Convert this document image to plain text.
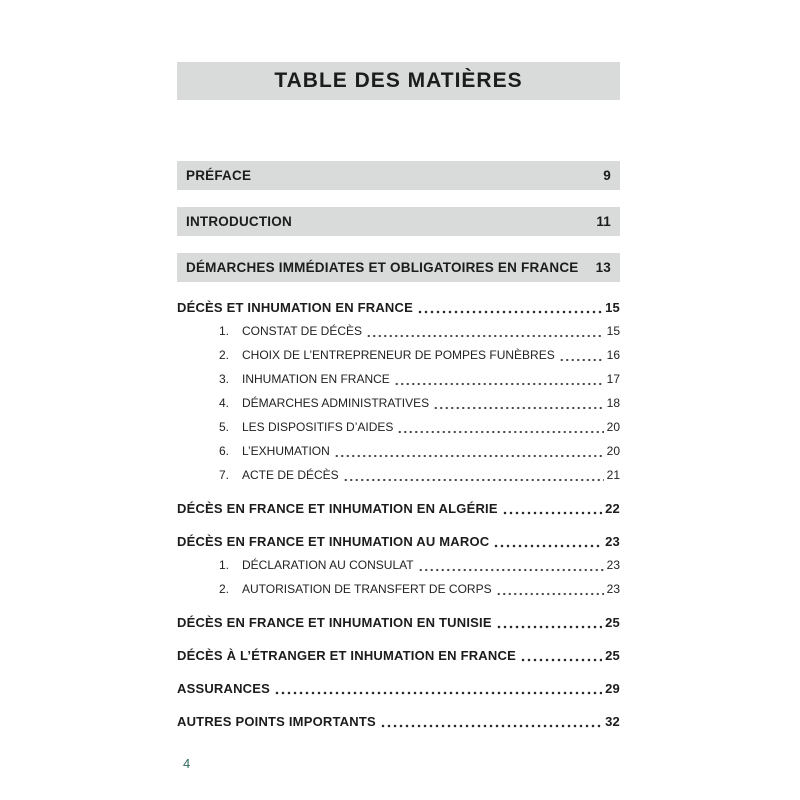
TABLE DES MATIÈRES
PRÉFACE	9
INTRODUCTION	11
DÉMARCHES IMMÉDIATES ET OBLIGATOIRES EN FRANCE 13
DÉCÈS ET INHUMATION EN FRANCE	15
1.	CONSTAT DE DÉCÈS	15
2.	CHOIX DE L’ENTREPRENEUR DE POMPES FUNÈBRES	16
3.	INHUMATION EN FRANCE	17
4.	DÉMARCHES ADMINISTRATIVES	18
5.	LES DISPOSITIFS D’AIDES	20
6.	L’EXHUMATION	20
7.	ACTE DE DÉCÈS	21
DÉCÈS EN FRANCE ET INHUMATION EN ALGÉRIE	22
DÉCÈS EN FRANCE ET INHUMATION AU MAROC	23
1.	DÉCLARATION AU CONSULAT	23
2.	AUTORISATION DE TRANSFERT DE CORPS	23
DÉCÈS EN FRANCE ET INHUMATION EN TUNISIE	25
DÉCÈS À L’ÉTRANGER ET INHUMATION EN FRANCE	25
ASSURANCES	29
AUTRES POINTS IMPORTANTS	32
4
